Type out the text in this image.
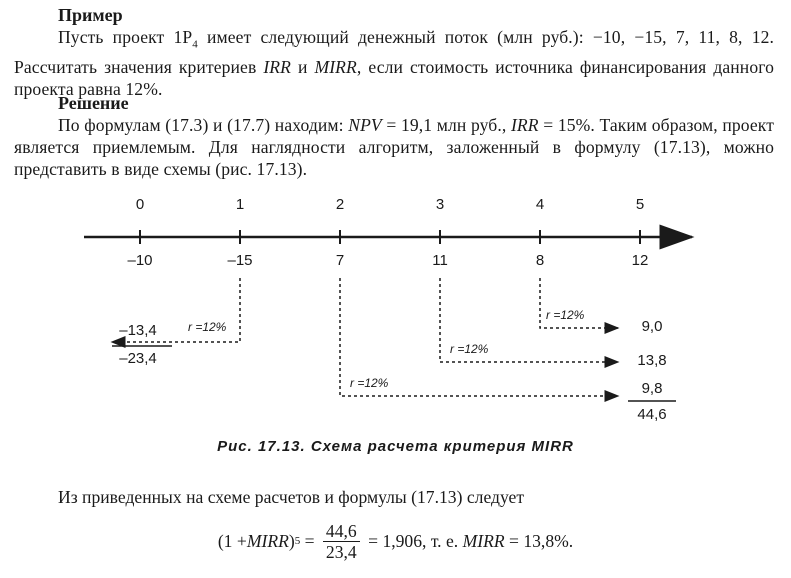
Пример

Пусть проект $1P_4$ имеет следующий денежный поток (млн руб.): −10, −15, 7, 11, 8, 12. Рассчитать значения критериев IRR и MIRR, если стоимость источника финансирования данного проекта равна 12%.

Решение

По формулам (17.3) и (17.7) находим: NPV = 19,1 млн руб., IRR = 15%. Таким образом, проект является приемлемым. Для наглядности алгоритм, заложенный в формулу (17.13), можно представить в виде схемы (рис. 17.13).

0	1	2	3	4	5
–10	–15	7	11	8	12
r =12%
r =12%
r =12%
r =12%
–13,4
–23,4
9,0
13,8
9,8
44,6
Рис. 17.13. Схема расчета критерия MIRR
Из приведенных на схеме расчетов и формулы (17.13) следует
(1 + MIRR ) $5 = \frac{44,6}{23,4} = 1,906$, т. е. MIRR = 13,8%.
